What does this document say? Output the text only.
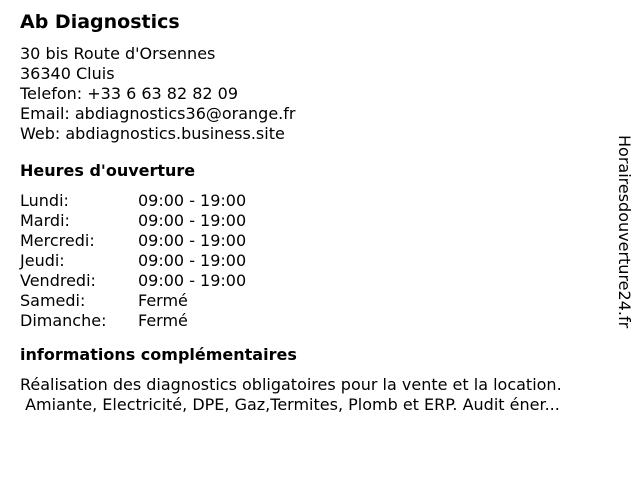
Ab Diagnostics
30 bis Route d'Orsennes
36340 Cluis
Telefon: +33 6 63 82 82 09
Email: abdiagnostics36@orange.fr
Web: abdiagnostics.business.site
Heures d'ouverture
Lundi:	09:00 - 19:00
Mardi:	09:00 - 19:00
Mercredi:	09:00 - 19:00
Jeudi:	09:00 - 19:00
Vendredi:	09:00 - 19:00
Samedi:	Fermé
Dimanche:	Fermé
informations complémentaires
Réalisation des diagnostics obligatoires pour la vente et la location.
Amiante, Electricité, DPE, Gaz,Termites, Plomb et ERP. Audit éner...
Horairesdouverture24.fr
